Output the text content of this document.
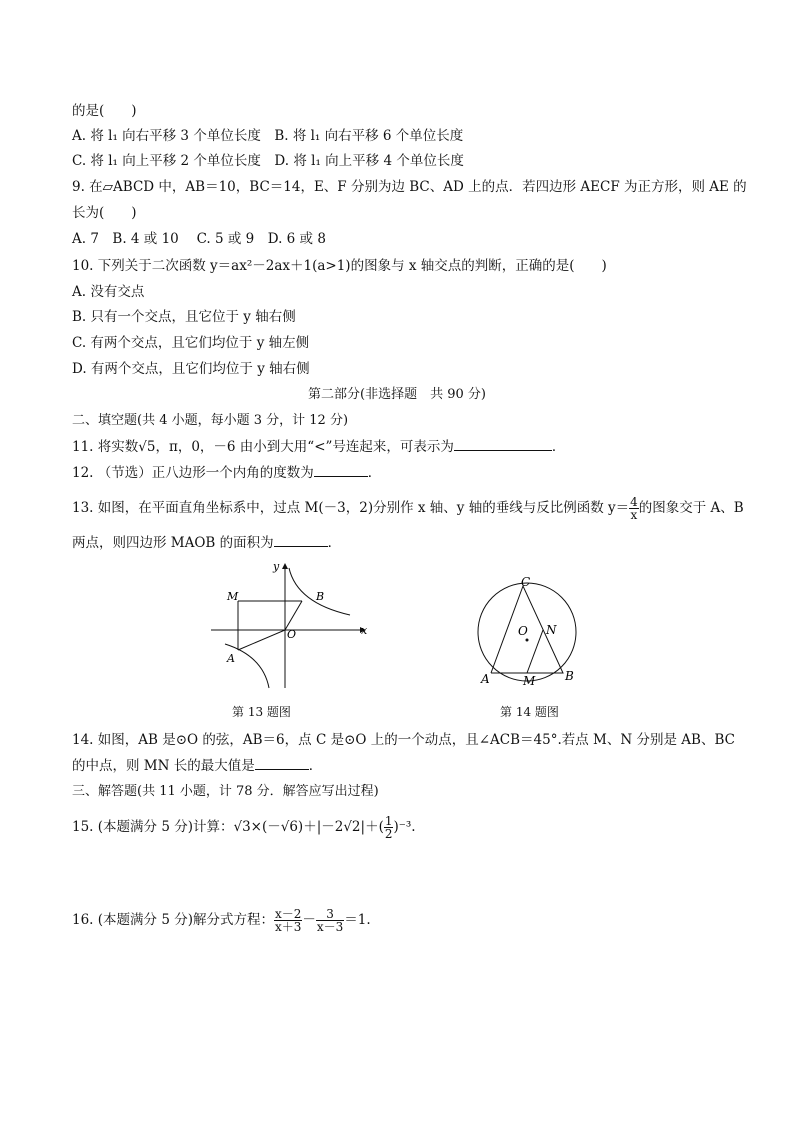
的是(　　)
A. 将 l₁ 向右平移 3 个单位长度　B. 将 l₁ 向右平移 6 个单位长度
C. 将 l₁ 向上平移 2 个单位长度　D. 将 l₁ 向上平移 4 个单位长度
9. 在▱ABCD 中，AB＝10，BC＝14，E、F 分别为边 BC、AD 上的点．若四边形 AECF 为正方形，则 AE 的
长为(　　)
A. 7　B. 4 或 10　 C. 5 或 9　D. 6 或 8
10. 下列关于二次函数 y＝ax²－2ax＋1(a>1)的图象与 x 轴交点的判断，正确的是(　　)
A. 没有交点
B. 只有一个交点，且它位于 y 轴右侧
C. 有两个交点，且它们均位于 y 轴左侧
D. 有两个交点，且它们均位于 y 轴右侧
第二部分(非选择题　共 90 分)
二、填空题(共 4 小题，每小题 3 分，计 12 分)
11. 将实数√5，π，0，－6 由小到大用“<”号连起来，可表示为	．
12. （节选）正八边形一个内角的度数为	．
13. 如图，在平面直角坐标系中，过点 M(－3，2)分别作 x 轴、y 轴的垂线与反比例函数 $y= \frac{4}{x}$ 的图象交于 A、B
两点，则四边形 MAOB 的面积为	．
y
x
M	B
O
A
第 13 题图
C
O N
A	M B
第 14 题图
14. 如图，AB 是⊙O 的弦，AB＝6，点 C 是⊙O 上的一个动点，且∠ACB＝45°.若点 M、N 分别是 AB、BC
的中点，则 MN 长的最大值是	．
三、解答题(共 11 小题，计 78 分．解答应写出过程)
15. (本题满分 5 分)计算：$√3\times(-√6)+|-2√2|+( \frac{1}{2} )^{-3}$.
16. (本题满分 5 分)解分式方程： $\frac{x-2}{x+3} - \frac{3}{x-3} =1$.
